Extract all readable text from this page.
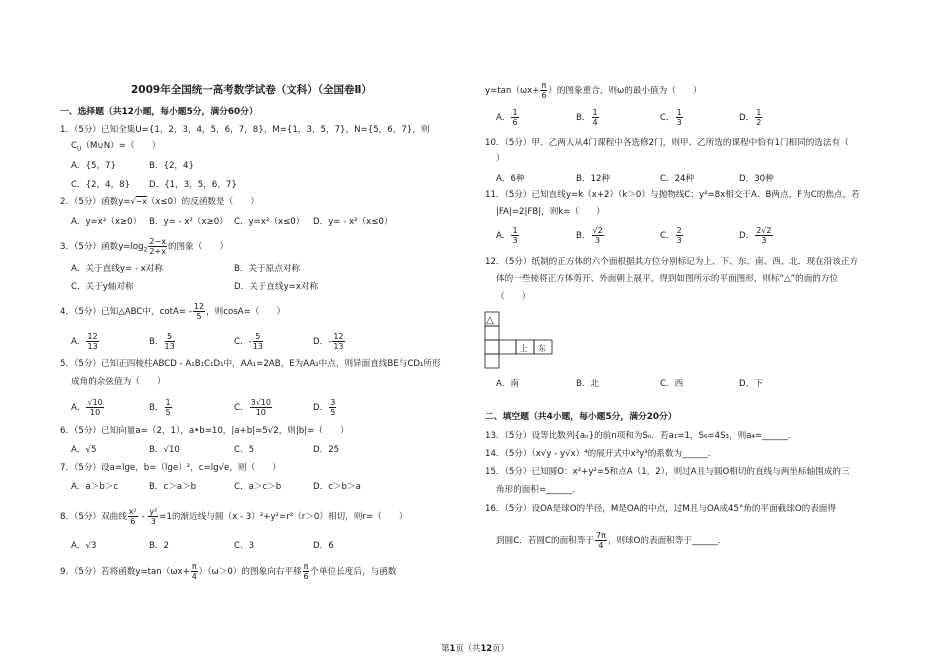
2009年全国统一高考数学试卷（文科）（全国卷Ⅱ）
一、选择题（共12小题，每小题5分，满分60分）
1．（5分）已知全集U={1，2，3，4，5，6，7，8}，M={1，3，5，7}，N={5，6，7}，则
$C_U(M\cup N)=$（　　）
A．{5，7}	B．{2，4}
C．{2，4，8} D．{1，3，5，6，7}
2．（5分）函数y=√−x（x≤0）的反函数是（　　）
A．y=x²（x≥0） B．y= - x²（x≥0） C．y=x²（x≤0） D．y= - x²（x≤0）
3．（5分）函数$y=\log_2 \frac{2-x}{2+x}$ 的图象（　　）
A．关于直线y= - x对称	B．关于原点对称
C．关于y轴对称	D．关于直线y=x对称
4．（5分）已知△ABC中，$\cot A= - \frac{12}{5}$ ，则cosA=（　　）
A． $\frac{12}{13}$	B． $\frac{5}{13}$	C．- $\frac{5}{13}$	D．- $\frac{12}{13}$
5．（5分）已知正四棱柱ABCD - A₁B₁C₁D₁中，AA₁=2AB，E为AA₁中点，则异面直线BE与CD₁所形
成角的余弦值为（　　）
A． $\frac{√10}{10}$	B． $\frac{1}{5}$	C． $\frac{3√10}{10}$	D． $\frac{3}{5}$
6．（5分）已知向量a=（2，1），a•b=10，|a+b|=5√2，则|b|=（　　）
A．√5	B．√10	C．5	D．25
7．（5分）设a=lge，b=（lge）²，c=lg√e，则（　　）
A．a＞b＞c	B．c＞a＞b	C．a＞c＞b	D．c＞b＞a
8．（5分）双曲线 $\frac{\text{x²}}{6} - \frac{\text{y²}}{3} =1$的渐近线与圆（x - 3）²+y²=r²（r＞0）相切，则r=（　　）
A．√3	B．2	C．3	D．6
9．（5分）若将函数$y=\tan(\omega x+ \frac{\pi}{4} )(\omega>0)$的图象向右平移 $\frac{\pi}{6}$ 个单位长度后，与函数
$y=\tan(\omega x+ \frac{\pi}{6}$ ）的图象重合，则ω的最小值为（　　）
A． $\frac{1}{6}$	B． $\frac{1}{4}$	C． $\frac{1}{3}$	D． $\frac{1}{2}$
10．（5分）甲、乙两人从4门课程中各选修2门，则甲、乙所选的课程中恰有1门相同的选法有（
）
A．6种	B．12种	C．24种	D．30种
11．（5分）已知直线y=k（x+2）（k＞0）与抛物线C：y²=8x相交于A、B两点，F为C的焦点，若
|FA|=2|FB|，则k=（　　）
A． $\frac{1}{3}$	B． $\frac{√2}{3}$	C． $\frac{2}{3}$	D． $\frac{2√2}{3}$
12．（5分）纸制的正方体的六个面根据其方位分别标记为上、下、东、南、西、北．现在沿该正方
体的一些棱将正方体剪开、外面朝上展平，得到如图所示的平面图形，则标“△”的面的方位
（　　）
△
上 东
A．南	B．北	C．西	D．下
二、填空题（共4小题，每小题5分，满分20分）
13．（5分）设等比数列{aₙ}的前n项和为Sₙ．若a₁=1，S₆=4S₃，则a₄=______．
14．（5分）（x√y - y√x）⁴的展开式中x³y³的系数为______．
15．（5分）已知圆O：x²+y²=5和点A（1，2），则过A且与圆O相切的直线与两坐标轴围成的三
角形的面积=______．
16．（5分）设OA是球O的半径，M是OA的中点，过M且与OA成45°角的平面截球O的表面得
到圆C．若圆C的面积等于 $\frac{7\pi}{4}$ ，则球O的表面积等于______．
第1页（共12页）
